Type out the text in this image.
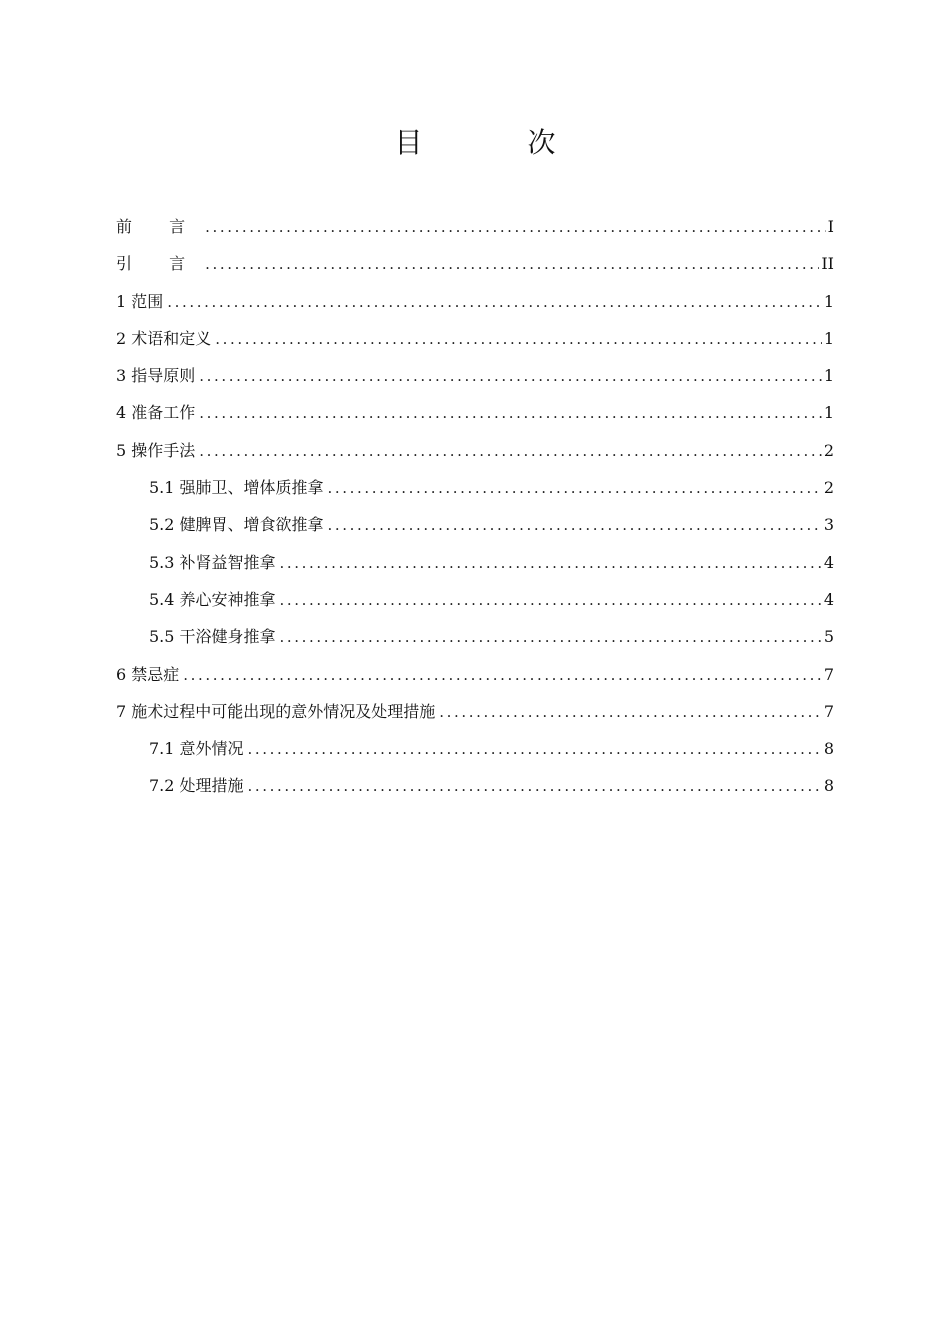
目 次
前 言 .....	I
引 言 .....	II
1 范围 .....	1
2 术语和定义 .....	1
3 指导原则 .....	1
4 准备工作 .....	1
5 操作手法 .....	2
5.1 强肺卫、增体质推拿 .....	2
5.2 健脾胃、增食欲推拿 .....	3
5.3 补肾益智推拿 .....	4
5.4 养心安神推拿 .....	4
5.5 干浴健身推拿 .....	5
6 禁忌症 .....	7
7 施术过程中可能出现的意外情况及处理措施 .....	7
7.1 意外情况 .....	8
7.2 处理措施 .....	8
